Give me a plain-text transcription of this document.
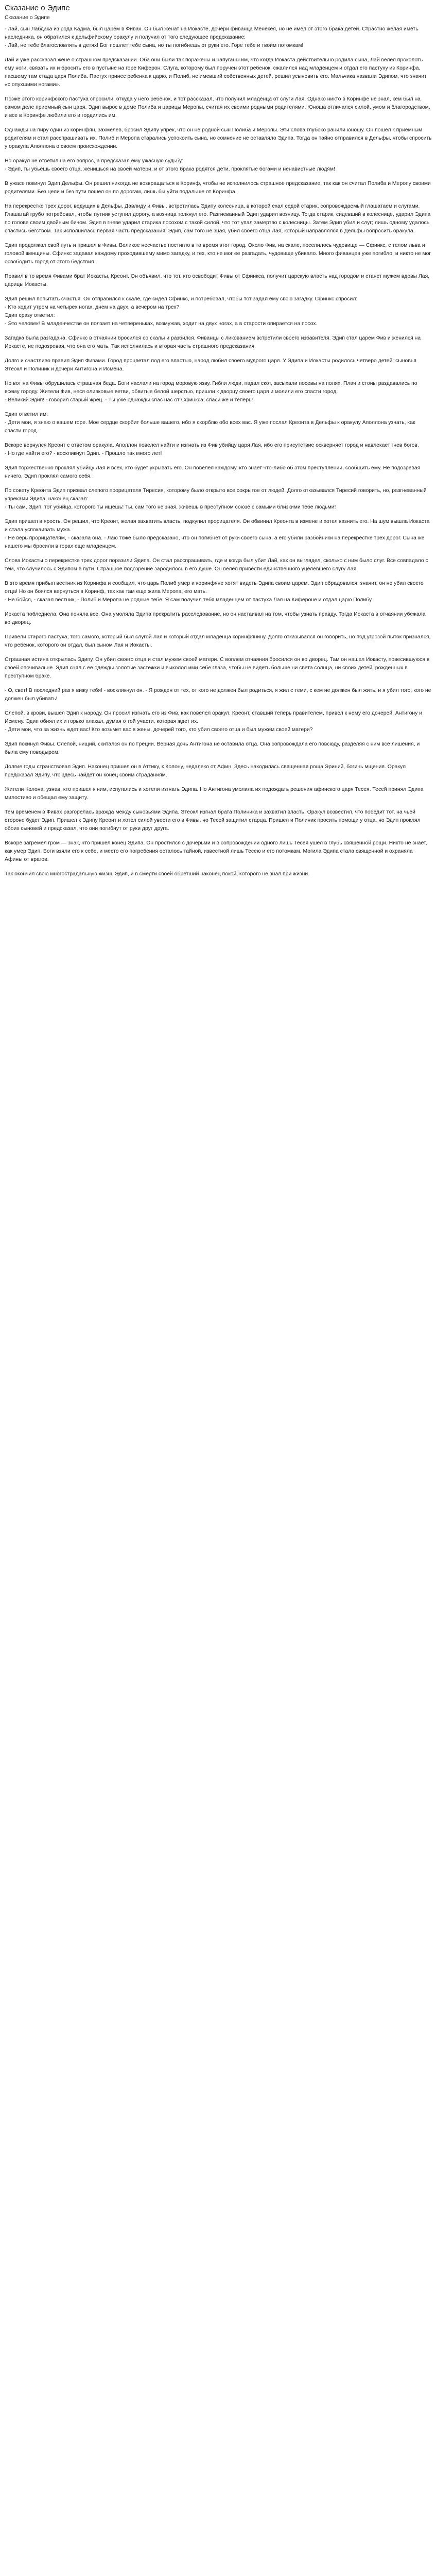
Сказание о Эдипе
Сказание о Эдипе

- Лай, сын Лабдака из рода Кадма, был царем в Фивах. Он был женат на Иокасте, дочери фиванца Менекея, но не имел от этого брака детей. Страстно желая иметь наследника, он обратился к дельфийскому оракулу и получил от того следующее предсказание:
- Лай, не тебе благословлять в детях! Бог пошлет тебе сына, но ты погибнешь от руки его. Горе тебе и твоим потомкам!

Лай и уже рассказал жене о страшном предсказании. Оба они были так поражены и напуганы им, что когда Иокаста действительно родила сына, Лай велел проколоть ему ноги, связать их и бросить его в пустыне на горе Киферон. Слуга, которому был поручен этот ребенок, сжалился над младенцем и отдал его пастуху из Коринфа, пасшему там стада царя Полиба. Пастух принес ребенка к царю, и Полиб, не имевший собственных детей, решил усыновить его. Мальчика назвали Эдипом, что значит «с опухшими ногами».

Позже этого коринфского пастуха спросили, откуда у него ребенок, и тот рассказал, что получил младенца от слуги Лая. Однако никто в Коринфе не знал, кем был на самом деле приемный сын царя. Эдип вырос в доме Полиба и царицы Меропы, считая их своими родными родителями. Юноша отличался силой, умом и благородством, и все в Коринфе любили его и гордились им.

Однажды на пиру один из коринфян, захмелев, бросил Эдипу упрек, что он не родной сын Полиба и Меропы. Эти слова глубоко ранили юношу. Он пошел к приемным родителям и стал расспрашивать их. Полиб и Меропа старались успокоить сына, но сомнение не оставляло Эдипа. Тогда он тайно отправился в Дельфы, чтобы спросить у оракула Аполлона о своем происхождении.

Но оракул не ответил на его вопрос, а предсказал ему ужасную судьбу:
- Эдип, ты убьешь своего отца, женишься на своей матери, и от этого брака родятся дети, проклятые богами и ненавистные людям!

В ужасе покинул Эдип Дельфы. Он решил никогда не возвращаться в Коринф, чтобы не исполнилось страшное предсказание, так как он считал Полиба и Меропу своими родителями. Без цели и без пути пошел он по дорогам, лишь бы уйти подальше от Коринфа.

На перекрестке трех дорог, ведущих в Дельфы, Давлиду и Фивы, встретилась Эдипу колесница, в которой ехал седой старик, сопровождаемый глашатаем и слугами. Глашатай грубо потребовал, чтобы путник уступил дорогу, а возница толкнул его. Разгневанный Эдип ударил возницу. Тогда старик, сидевший в колеснице, ударил Эдипа по голове своим двойным бичом. Эдип в гневе ударил старика посохом с такой силой, что тот упал замертво с колесницы. Затем Эдип убил и слуг; лишь одному удалось спастись бегством. Так исполнилась первая часть предсказания: Эдип, сам того не зная, убил своего отца Лая, который направлялся в Дельфы вопросить оракула.

Эдип продолжал свой путь и пришел в Фивы. Великое несчастье постигло в то время этот город. Около Фив, на скале, поселилось чудовище — Сфинкс, с телом льва и головой женщины. Сфинкс задавал каждому проходившему мимо загадку, и тех, кто не мог ее разгадать, чудовище убивало. Много фиванцев уже погибло, и никто не мог освободить город от этого бедствия.

Правил в то время Фивами брат Иокасты, Креонт. Он объявил, что тот, кто освободит Фивы от Сфинкса, получит царскую власть над городом и станет мужем вдовы Лая, царицы Иокасты.

Эдип решил попытать счастья. Он отправился к скале, где сидел Сфинкс, и потребовал, чтобы тот задал ему свою загадку. Сфинкс спросил:
- Кто ходит утром на четырех ногах, днем на двух, а вечером на трех?
Эдип сразу ответил:
- Это человек! В младенчестве он ползает на четвереньках, возмужав, ходит на двух ногах, а в старости опирается на посох.

Загадка была разгадана. Сфинкс в отчаянии бросился со скалы и разбился. Фиванцы с ликованием встретили своего избавителя. Эдип стал царем Фив и женился на Иокасте, не подозревая, что она его мать. Так исполнилась и вторая часть страшного предсказания.

Долго и счастливо правил Эдип Фивами. Город процветал под его властью, народ любил своего мудрого царя. У Эдипа и Иокасты родилось четверо детей: сыновья Этеокл и Полиник и дочери Антигона и Исмена.

Но вот на Фивы обрушилась страшная беда. Боги наслали на город моровую язву. Гибли люди, падал скот, засыхали посевы на полях. Плач и стоны раздавались по всему городу. Жители Фив, неся оливковые ветви, обвитые белой шерстью, пришли к дворцу своего царя и молили его спасти город.
- Великий Эдип! - говорил старый жрец. - Ты уже однажды спас нас от Сфинкса, спаси же и теперь!

Эдип ответил им:
- Дети мои, я знаю о вашем горе. Мое сердце скорбит больше вашего, ибо я скорблю обо всех вас. Я уже послал Креонта в Дельфы к оракулу Аполлона узнать, как спасти город.

Вскоре вернулся Креонт с ответом оракула. Аполлон повелел найти и изгнать из Фив убийцу царя Лая, ибо его присутствие оскверняет город и навлекает гнев богов.
- Но где найти его? - воскликнул Эдип. - Прошло так много лет!

Эдип торжественно проклял убийцу Лая и всех, кто будет укрывать его. Он повелел каждому, кто знает что-либо об этом преступлении, сообщить ему. Не подозревая ничего, Эдип проклял самого себя.

По совету Креонта Эдип призвал слепого прорицателя Тиресия, которому было открыто все сокрытое от людей. Долго отказывался Тиресий говорить, но, разгневанный упреками Эдипа, наконец сказал:
- Ты сам, Эдип, тот убийца, которого ты ищешь! Ты, сам того не зная, живешь в преступном союзе с самыми близкими тебе людьми!

Эдип пришел в ярость. Он решил, что Креонт, желая захватить власть, подкупил прорицателя. Он обвинил Креонта в измене и хотел казнить его. На шум вышла Иокаста и стала успокаивать мужа.
- Не верь прорицателям, - сказала она. - Лаю тоже было предсказано, что он погибнет от руки своего сына, а его убили разбойники на перекрестке трех дорог. Сына же нашего мы бросили в горах еще младенцем.

Слова Иокасты о перекрестке трех дорог поразили Эдипа. Он стал расспрашивать, где и когда был убит Лай, как он выглядел, сколько с ним было слуг. Все совпадало с тем, что случилось с Эдипом в пути. Страшное подозрение зародилось в его душе. Он велел привести единственного уцелевшего слугу Лая.

В это время прибыл вестник из Коринфа и сообщил, что царь Полиб умер и коринфяне хотят видеть Эдипа своим царем. Эдип обрадовался: значит, он не убил своего отца! Но он боялся вернуться в Коринф, так как там еще жила Меропа, его мать.
- Не бойся, - сказал вестник, - Полиб и Меропа не родные тебе. Я сам получил тебя младенцем от пастуха Лая на Кифероне и отдал царю Полибу.

Иокаста побледнела. Она поняла все. Она умоляла Эдипа прекратить расследование, но он настаивал на том, чтобы узнать правду. Тогда Иокаста в отчаянии убежала во дворец.

Привели старого пастуха, того самого, который был слугой Лая и который отдал младенца коринфянину. Долго отказывался он говорить, но под угрозой пыток признался, что ребенок, которого он отдал, был сыном Лая и Иокасты.

Страшная истина открылась Эдипу. Он убил своего отца и стал мужем своей матери. С воплем отчаяния бросился он во дворец. Там он нашел Иокасту, повесившуюся в своей опочивальне. Эдип снял с ее одежды золотые застежки и выколол ими себе глаза, чтобы не видеть больше ни света солнца, ни своих детей, рожденных в преступном браке.

- О, свет! В последний раз я вижу тебя! - воскликнул он. - Я рожден от тех, от кого не должен был родиться, я жил с теми, с кем не должен был жить, и я убил того, кого не должен был убивать!

Слепой, в крови, вышел Эдип к народу. Он просил изгнать его из Фив, как повелел оракул. Креонт, ставший теперь правителем, привел к нему его дочерей, Антигону и Исмену. Эдип обнял их и горько плакал, думая о той участи, которая ждет их.
- Дети мои, что за жизнь ждет вас! Кто возьмет вас в жены, дочерей того, кто убил своего отца и был мужем своей матери?

Эдип покинул Фивы. Слепой, нищий, скитался он по Греции. Верная дочь Антигона не оставила отца. Она сопровождала его повсюду, разделяя с ним все лишения, и была ему поводырем.

Долгие годы странствовал Эдип. Наконец пришел он в Аттику, к Колону, недалеко от Афин. Здесь находилась священная роща Эриний, богинь мщения. Оракул предсказал Эдипу, что здесь найдет он конец своим страданиям.

Жители Колона, узнав, кто пришел к ним, испугались и хотели изгнать Эдипа. Но Антигона умолила их подождать решения афинского царя Тесея. Тесей принял Эдипа милостиво и обещал ему защиту.

Тем временем в Фивах разгорелась вражда между сыновьями Эдипа. Этеокл изгнал брата Полиника и захватил власть. Оракул возвестил, что победит тот, на чьей стороне будет Эдип. Пришел к Эдипу Креонт и хотел силой увести его в Фивы, но Тесей защитил старца. Пришел и Полиник просить помощи у отца, но Эдип проклял обоих сыновей и предсказал, что они погибнут от руки друг друга.

Вскоре загремел гром — знак, что пришел конец Эдипа. Он простился с дочерьми и в сопровождении одного лишь Тесея ушел в глубь священной рощи. Никто не знает, как умер Эдип. Боги взяли его к себе, и место его погребения осталось тайной, известной лишь Тесею и его потомкам. Могила Эдипа стала священной и охраняла Афины от врагов.

Так окончил свою многострадальную жизнь Эдип, и в смерти своей обретший наконец покой, которого не знал при жизни.
